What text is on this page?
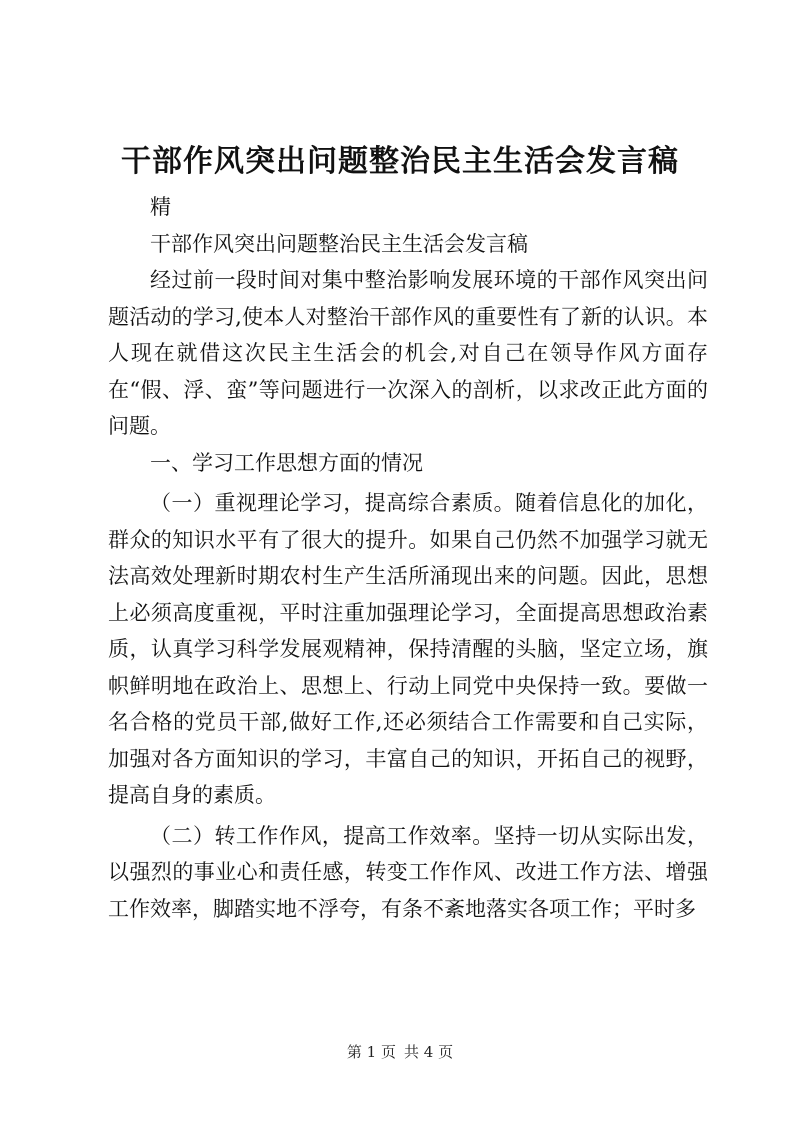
干部作风突出问题整治民主生活会发言稿

精

干部作风突出问题整治民主生活会发言稿

经过前一段时间对集中整治影响发展环境的干部作风突出问题活动的学习,使本人对整治干部作风的重要性有了新的认识。本人现在就借这次民主生活会的机会,对自己在领导作风方面存在“假、浮、蛮”等问题进行一次深入的剖析，以求改正此方面的问题。

一、学习工作思想方面的情况

（一）重视理论学习，提高综合素质。随着信息化的加化，群众的知识水平有了很大的提升。如果自己仍然不加强学习就无法高效处理新时期农村生产生活所涌现出来的问题。因此，思想上必须高度重视，平时注重加强理论学习，全面提高思想政治素质，认真学习科学发展观精神，保持清醒的头脑，坚定立场，旗帜鲜明地在政治上、思想上、行动上同党中央保持一致。要做一名合格的党员干部,做好工作,还必须结合工作需要和自己实际，加强对各方面知识的学习，丰富自己的知识，开拓自己的视野，提高自身的素质。

（二）转工作作风，提高工作效率。坚持一切从实际出发，以强烈的事业心和责任感，转变工作作风、改进工作方法、增强工作效率，脚踏实地不浮夸，有条不紊地落实各项工作；平时多

第 1 页 共 4 页
